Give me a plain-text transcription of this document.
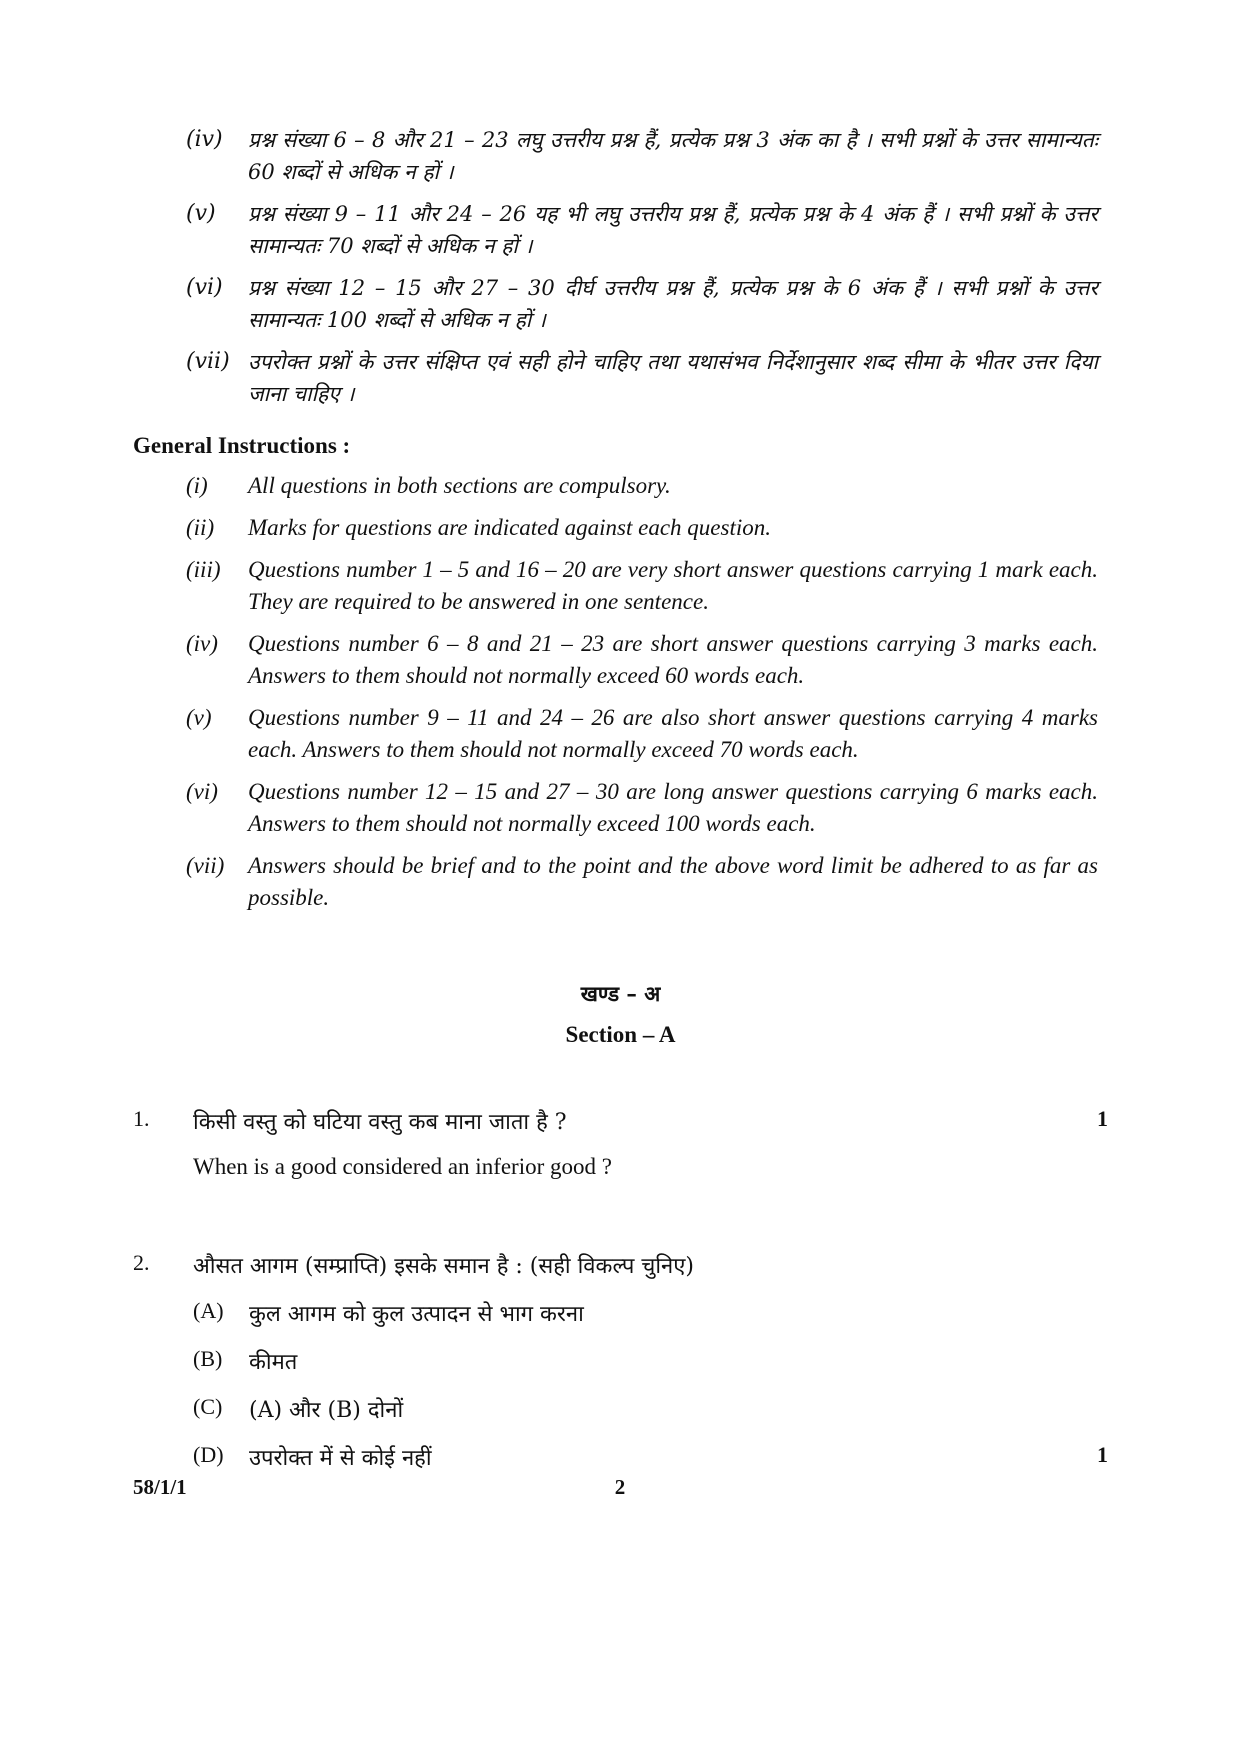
(iv)	प्रश्न संख्या 6 – 8 और 21 – 23 लघु उत्तरीय प्रश्न हैं, प्रत्येक प्रश्न 3 अंक का है । सभी प्रश्नों के उत्तर सामान्यतः 60 शब्दों से अधिक न हों ।
(v)	प्रश्न संख्या 9 – 11 और 24 – 26 यह भी लघु उत्तरीय प्रश्न हैं, प्रत्येक प्रश्न के 4 अंक हैं । सभी प्रश्नों के उत्तर सामान्यतः 70 शब्दों से अधिक न हों ।
(vi)	प्रश्न संख्या 12 – 15 और 27 – 30 दीर्घ उत्तरीय प्रश्न हैं, प्रत्येक प्रश्न के 6 अंक हैं । सभी प्रश्नों के उत्तर सामान्यतः 100 शब्दों से अधिक न हों ।
(vii) उपरोक्त प्रश्नों के उत्तर संक्षिप्त एवं सही होने चाहिए तथा यथासंभव निर्देशानुसार शब्द सीमा के भीतर उत्तर दिया जाना चाहिए ।
General Instructions :
(i)	All questions in both sections are compulsory.
(ii)	Marks for questions are indicated against each question.
(iii)	Questions number 1 – 5 and 16 – 20 are very short answer questions carrying 1 mark each. They are required to be answered in one sentence.
(iv)	Questions number 6 – 8 and 21 – 23 are short answer questions carrying 3 marks each. Answers to them should not normally exceed 60 words each.
(v)	Questions number 9 – 11 and 24 – 26 are also short answer questions carrying 4 marks each. Answers to them should not normally exceed 70 words each.
(vi)	Questions number 12 – 15 and 27 – 30 are long answer questions carrying 6 marks each. Answers to them should not normally exceed 100 words each.
(vii)	Answers should be brief and to the point and the above word limit be adhered to as far as possible.
खण्ड – अ
Section – A
1. किसी वस्तु को घटिया वस्तु कब माना जाता है ?	1
When is a good considered an inferior good ?
2. औसत आगम (सम्प्राप्ति) इसके समान है : (सही विकल्प चुनिए)
(A) कुल आगम को कुल उत्पादन से भाग करना
(B) कीमत
(C) (A) और (B) दोनों
(D) उपरोक्त में से कोई नहीं	1
58/1/1	2
